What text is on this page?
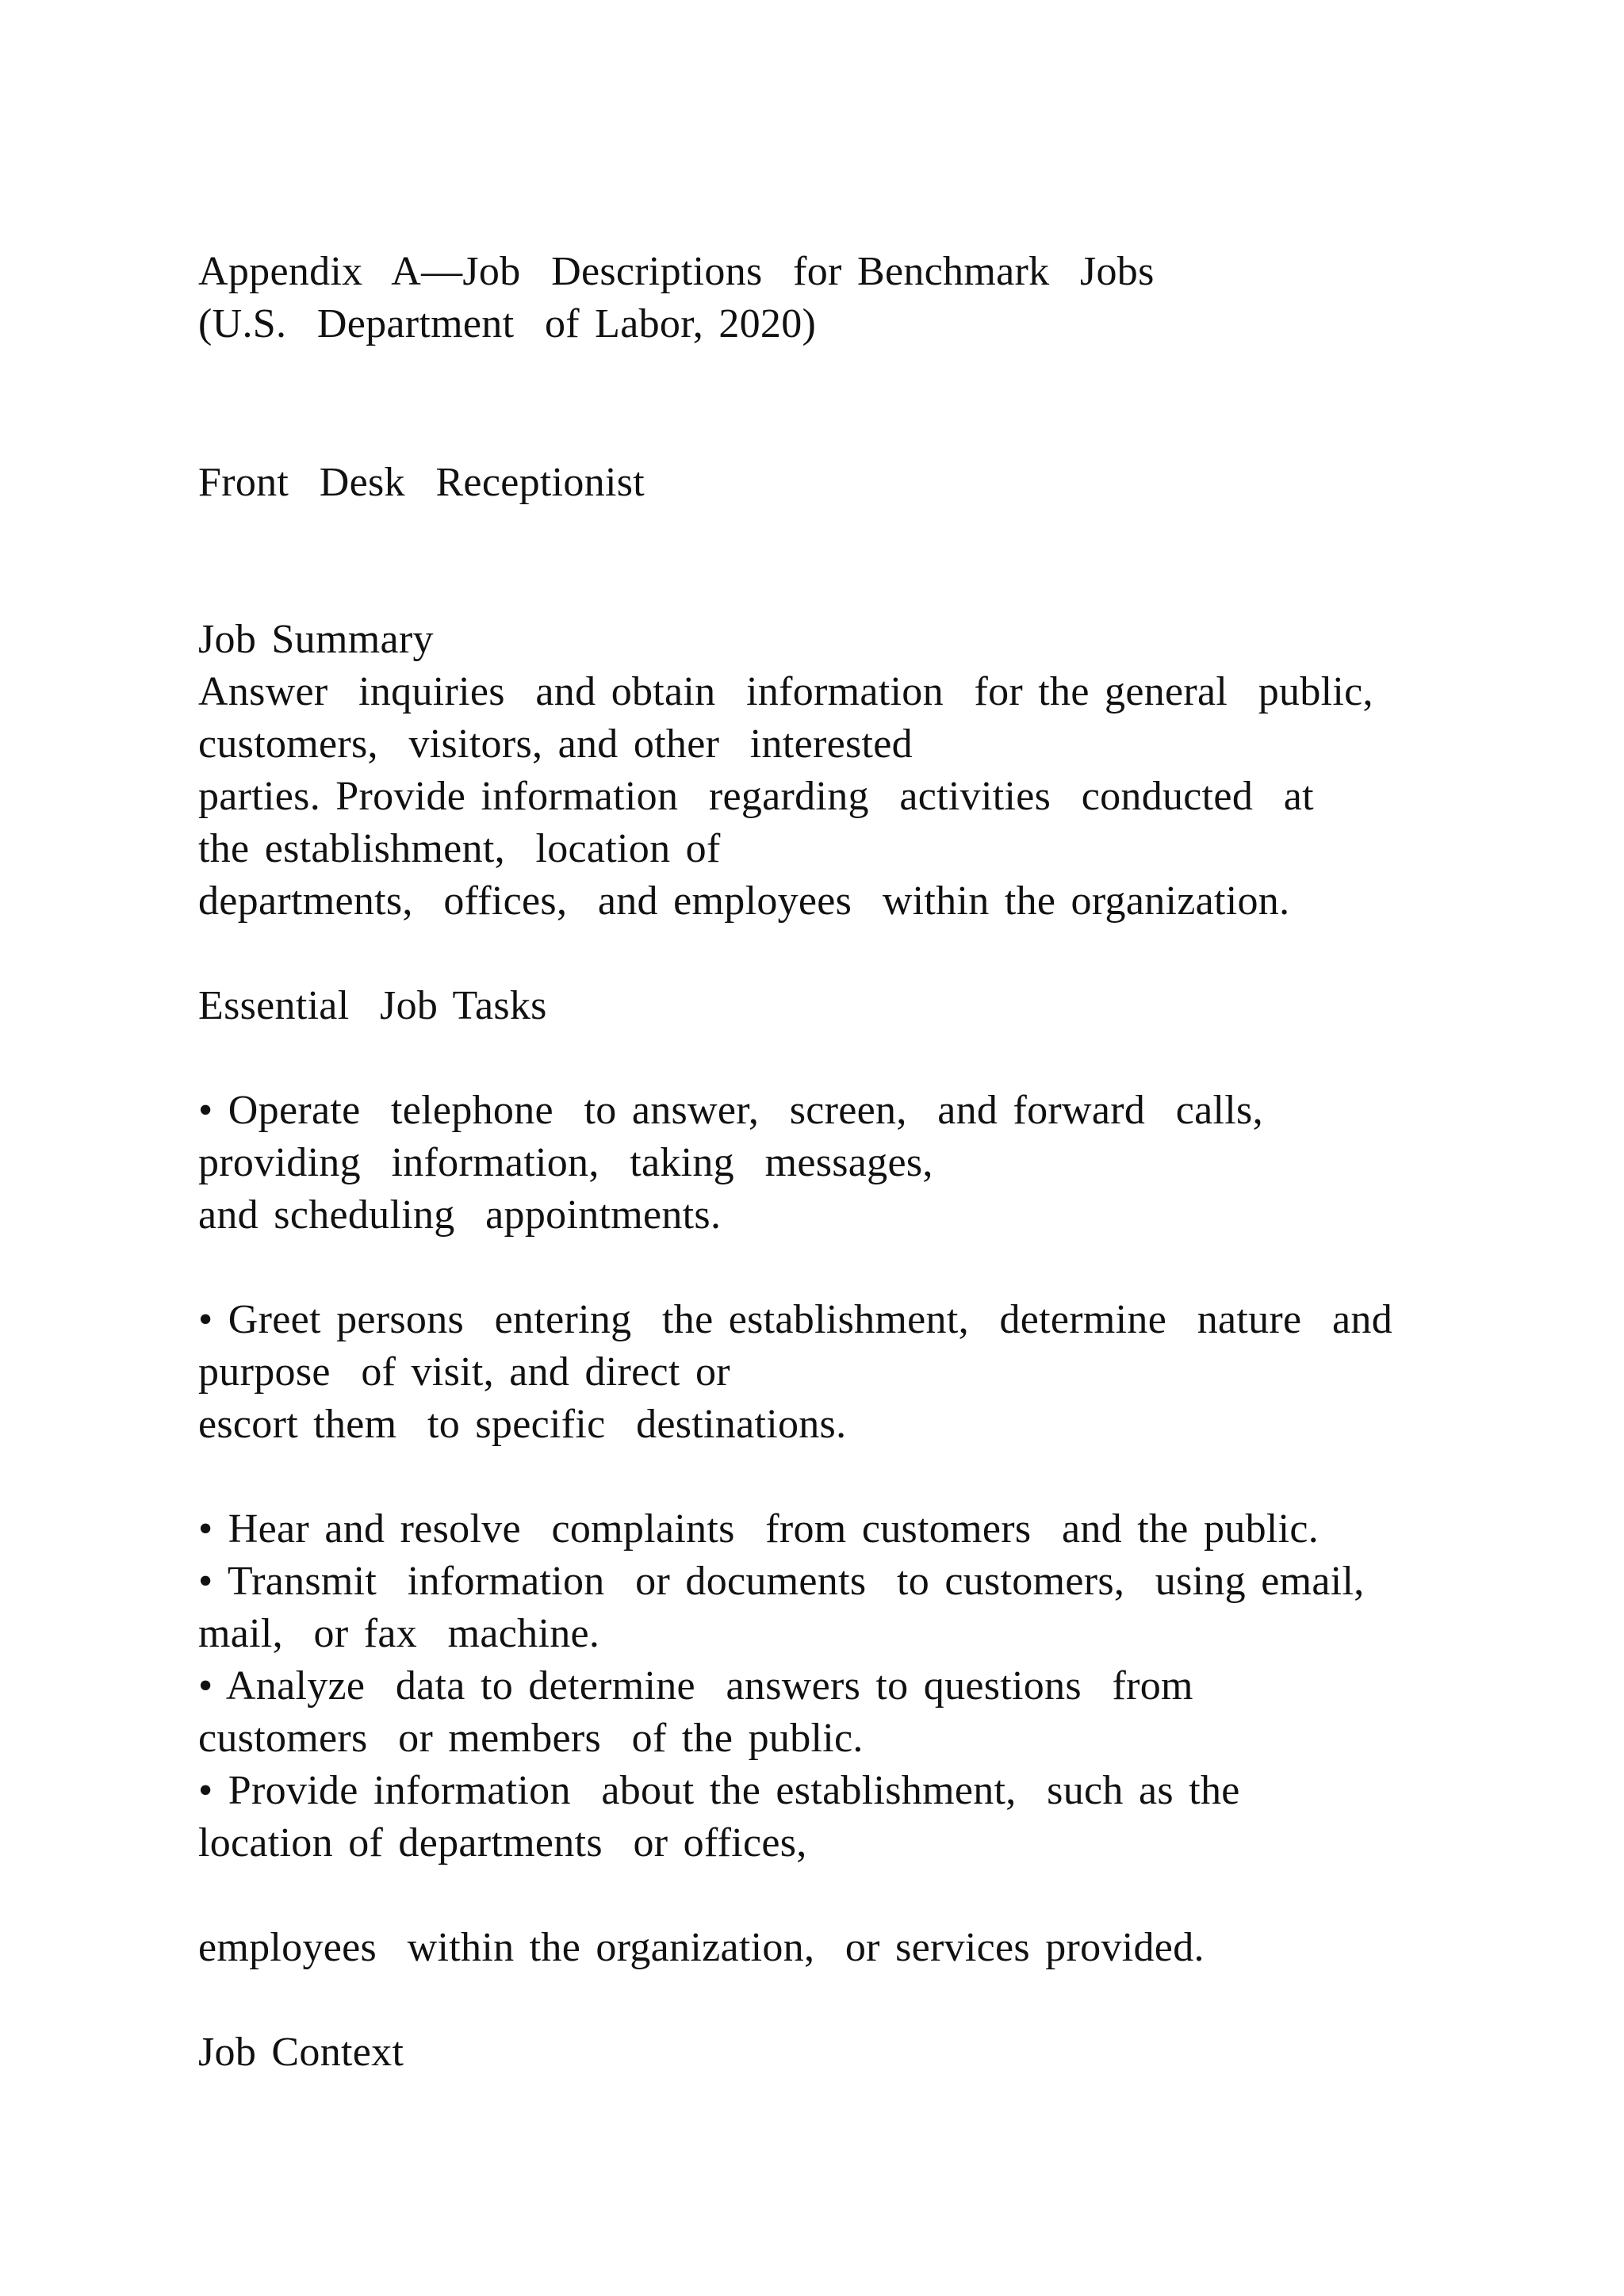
Appendix  A—Job  Descriptions  for Benchmark  Jobs
(U.S.  Department  of Labor, 2020)
Front  Desk  Receptionist
Job Summary
Answer  inquiries  and obtain  information  for the general  public,
customers,  visitors, and other  interested
parties. Provide information  regarding  activities  conducted  at
the establishment,  location of
departments,  offices,  and employees  within the organization.
Essential  Job Tasks
• Operate  telephone  to answer,  screen,  and forward  calls,
providing  information,  taking  messages,
and scheduling  appointments.
• Greet persons  entering  the establishment,  determine  nature  and
purpose  of visit, and direct or
escort them  to specific  destinations.
• Hear and resolve  complaints  from customers  and the public.
• Transmit  information  or documents  to customers,  using email,
mail,  or fax  machine.
• Analyze  data to determine  answers to questions  from
customers  or members  of the public.
• Provide information  about the establishment,  such as the
location of departments  or offices,
employees  within the organization,  or services provided.
Job Context
